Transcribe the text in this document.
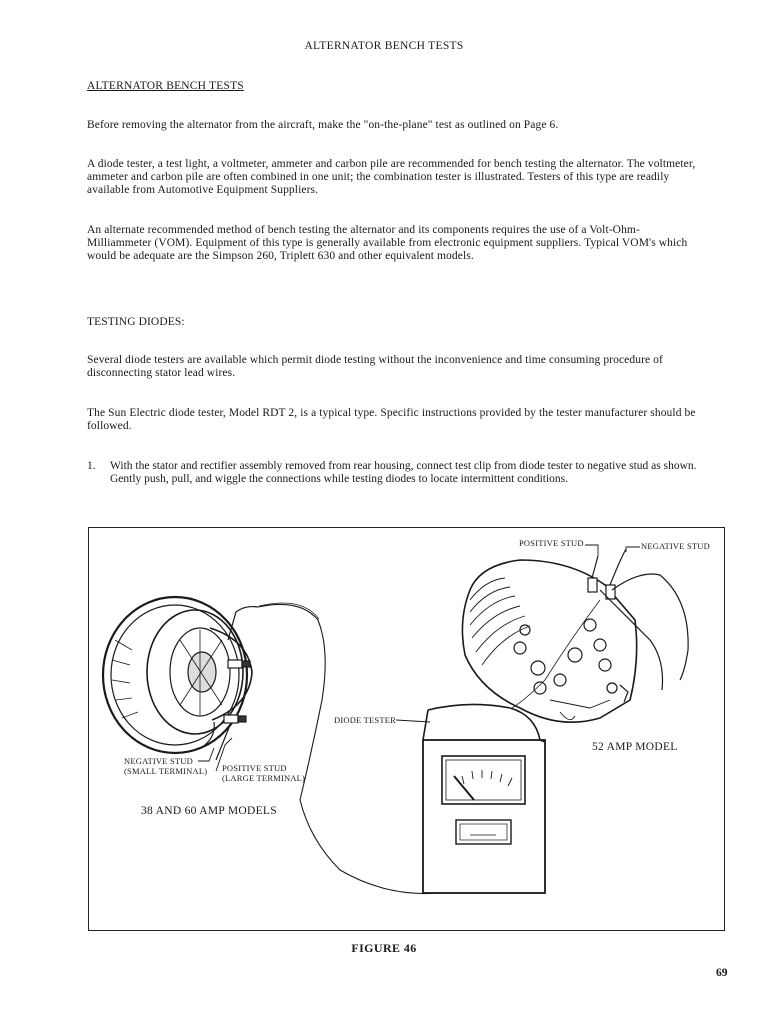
ALTERNATOR BENCH TESTS
ALTERNATOR BENCH TESTS
Before removing the alternator from the aircraft, make the "on-the-plane" test as outlined on Page 6.
A diode tester, a test light, a voltmeter, ammeter and carbon pile are recommended for bench testing the alternator. The voltmeter, ammeter and carbon pile are often combined in one unit; the combination tester is illustrated. Testers of this type are readily available from Automotive Equipment Suppliers.
An alternate recommended method of bench testing the alternator and its components requires the use of a Volt-Ohm-Milliammeter (VOM). Equipment of this type is generally available from electronic equipment suppliers. Typical VOM's which would be adequate are the Simpson 260, Triplett 630 and other equivalent models.
TESTING DIODES:
Several diode testers are available which permit diode testing without the inconvenience and time consuming procedure of disconnecting stator lead wires.
The Sun Electric diode tester, Model RDT 2, is a typical type. Specific instructions provided by the tester manufacturer should be followed.
1. With the stator and rectifier assembly removed from rear housing, connect test clip from diode tester to negative stud as shown. Gently push, pull, and wiggle the connections while testing diodes to locate intermittent conditions.
POSITIVE STUD	NEGATIVE STUD
DIODE TESTER
52 AMP MODEL
NEGATIVE STUD
(SMALL TERMINAL) POSITIVE STUD
(LARGE TERMINAL)
38 AND 60 AMP MODELS
FIGURE 46
69
